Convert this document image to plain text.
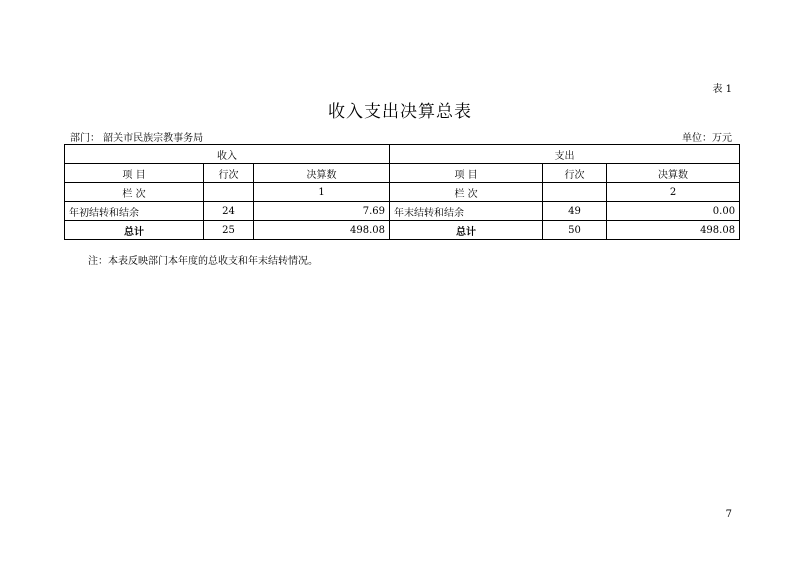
表 1
收入支出决算总表
部门： 韶关市民族宗教事务局	单位：万元
收入			支出		
项 目	行次	决算数	项 目	行次	决算数
栏 次		1	栏 次		2
年初结转和结余	24	7.69	年末结转和结余	49	0.00
总计	25	498.08	总计	50	498.08
注：本表反映部门本年度的总收支和年末结转情况。
7
